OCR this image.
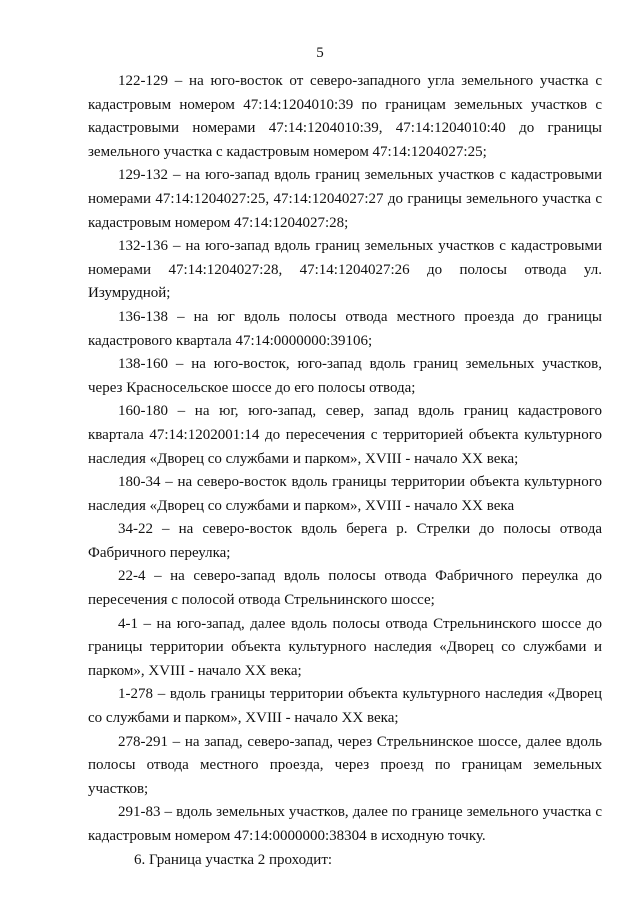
5

122-129 – на юго-восток от северо-западного угла земельного участка с кадастровым номером 47:14:1204010:39 по границам земельных участков с кадастровыми номерами 47:14:1204010:39, 47:14:1204010:40 до границы земельного участка с кадастровым номером 47:14:1204027:25;

129-132 – на юго-запад вдоль границ земельных участков с кадастровыми номерами 47:14:1204027:25, 47:14:1204027:27 до границы земельного участка с кадастровым номером 47:14:1204027:28;

132-136 – на юго-запад вдоль границ земельных участков с кадастровыми номерами 47:14:1204027:28, 47:14:1204027:26 до полосы отвода ул. Изумрудной;

136-138 – на юг вдоль полосы отвода местного проезда до границы кадастрового квартала 47:14:0000000:39106;

138-160 – на юго-восток, юго-запад вдоль границ земельных участков, через Красносельское шоссе до его полосы отвода;

160-180 – на юг, юго-запад, север, запад вдоль границ кадастрового квартала 47:14:1202001:14 до пересечения с территорией объекта культурного наследия «Дворец со службами и парком», XVIII - начало XX века;

180-34 – на северо-восток вдоль границы территории объекта культурного наследия «Дворец со службами и парком», XVIII - начало XX века

34-22 – на северо-восток вдоль берега р. Стрелки до полосы отвода Фабричного переулка;

22-4 – на северо-запад вдоль полосы отвода Фабричного переулка до пересечения с полосой отвода Стрельнинского шоссе;

4-1 – на юго-запад, далее вдоль полосы отвода Стрельнинского шоссе до границы территории объекта культурного наследия «Дворец со службами и парком», XVIII - начало XX века;

1-278 – вдоль границы территории объекта культурного наследия «Дворец со службами и парком», XVIII - начало XX века;

278-291 – на запад, северо-запад, через Стрельнинское шоссе, далее вдоль полосы отвода местного проезда, через проезд по границам земельных участков;

291-83 – вдоль земельных участков, далее по границе земельного участка с кадастровым номером 47:14:0000000:38304 в исходную точку.

6. Граница участка 2 проходит:
